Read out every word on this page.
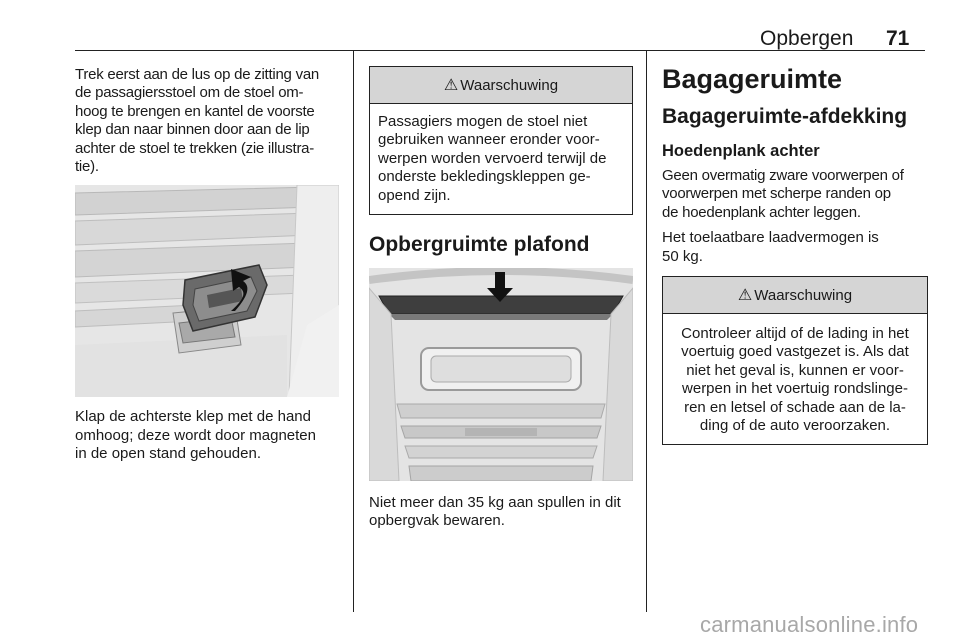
Opbergen 71

Trek eerst aan de lus op de zitting van
de passagiersstoel om de stoel om-
hoog te brengen en kantel de voorste
klep dan naar binnen door aan de lip
achter de stoel te trekken (zie illustra-
tie).

Klap de achterste klep met de hand
omhoog; deze wordt door magneten
in de open stand gehouden.

⚠ Waarschuwing
Passagiers mogen de stoel niet
gebruiken wanneer eronder voor-
werpen worden vervoerd terwijl de
onderste bekledingskleppen ge-
opend zijn.
Opbergruimte plafond

Niet meer dan 35 kg aan spullen in dit
opbergvak bewaren.

Bagageruimte
Bagageruimte-afdekking
Hoedenplank achter

Geen overmatig zware voorwerpen of
voorwerpen met scherpe randen op
de hoedenplank achter leggen.

Het toelaatbare laadvermogen is
50 kg.

⚠ Waarschuwing
Controleer altijd of de lading in het
voertuig goed vastgezet is. Als dat
niet het geval is, kunnen er voor-
werpen in het voertuig rondslinge-
ren en letsel of schade aan de la-
ding of de auto veroorzaken.
carmanualsonline.info
